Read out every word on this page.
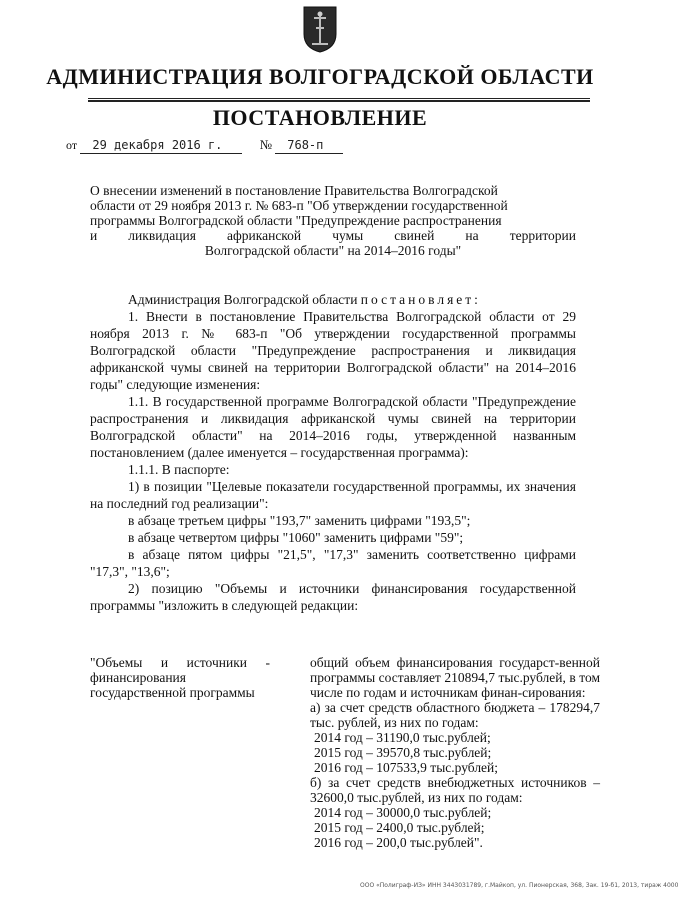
АДМИНИСТРАЦИЯ ВОЛГОГРАДСКОЙ ОБЛАСТИ
ПОСТАНОВЛЕНИЕ
от 29 декабря 2016 г.	№ 768-п
О внесении изменений в постановление Правительства Волгоградской
области от 29 ноября 2013 г. № 683-п "Об утверждении государственной
программы Волгоградской области "Предупреждение распространения
и ликвидация африканской чумы свиней на территории
Волгоградской области" на 2014–2016 годы"

Администрация Волгоградской области постановляет:

1. Внести в постановление Правительства Волгоградской области от 29 ноября 2013 г. № 683-п "Об утверждении государственной программы Волгоградской области "Предупреждение распространения и ликвидация африканской чумы свиней на территории Волгоградской области" на 2014–2016 годы" следующие изменения:

1.1. В государственной программе Волгоградской области "Предупреждение распространения и ликвидация африканской чумы свиней на территории Волгоградской области" на 2014–2016 годы, утвержденной названным постановлением (далее именуется – государственная программа):

1.1.1. В паспорте:

1) в позиции "Целевые показатели государственной программы, их значения на последний год реализации":

в абзаце третьем цифры "193,7" заменить цифрами "193,5";

в абзаце четвертом цифры "1060" заменить цифрами "59";

в абзаце пятом цифры "21,5", "17,3" заменить соответственно цифрами "17,3", "13,6";

2) позицию "Объемы и источники финансирования государственной программы "изложить в следующей редакции:

"Объемы и источники - финансирования государственной программы
общий объем финансирования государст-венной программы составляет 210894,7 тыс.рублей, в том числе по годам и источникам финан-сирования:
а) за счет средств областного бюджета – 178294,7 тыс. рублей, из них по годам:
2014 год – 31190,0 тыс.рублей;
2015 год – 39570,8 тыс.рублей;
2016 год – 107533,9 тыс.рублей;
б) за счет средств внебюджетных источников – 32600,0 тыс.рублей, из них по годам:
2014 год – 30000,0 тыс.рублей;
2015 год – 2400,0 тыс.рублей;
2016 год – 200,0 тыс.рублей".
ООО «Полиграф-ИЗ» ИНН 3443031789, г.Майкоп, ул. Пионерская, 368, Зак. 19-б1, 2013, тираж 4000
